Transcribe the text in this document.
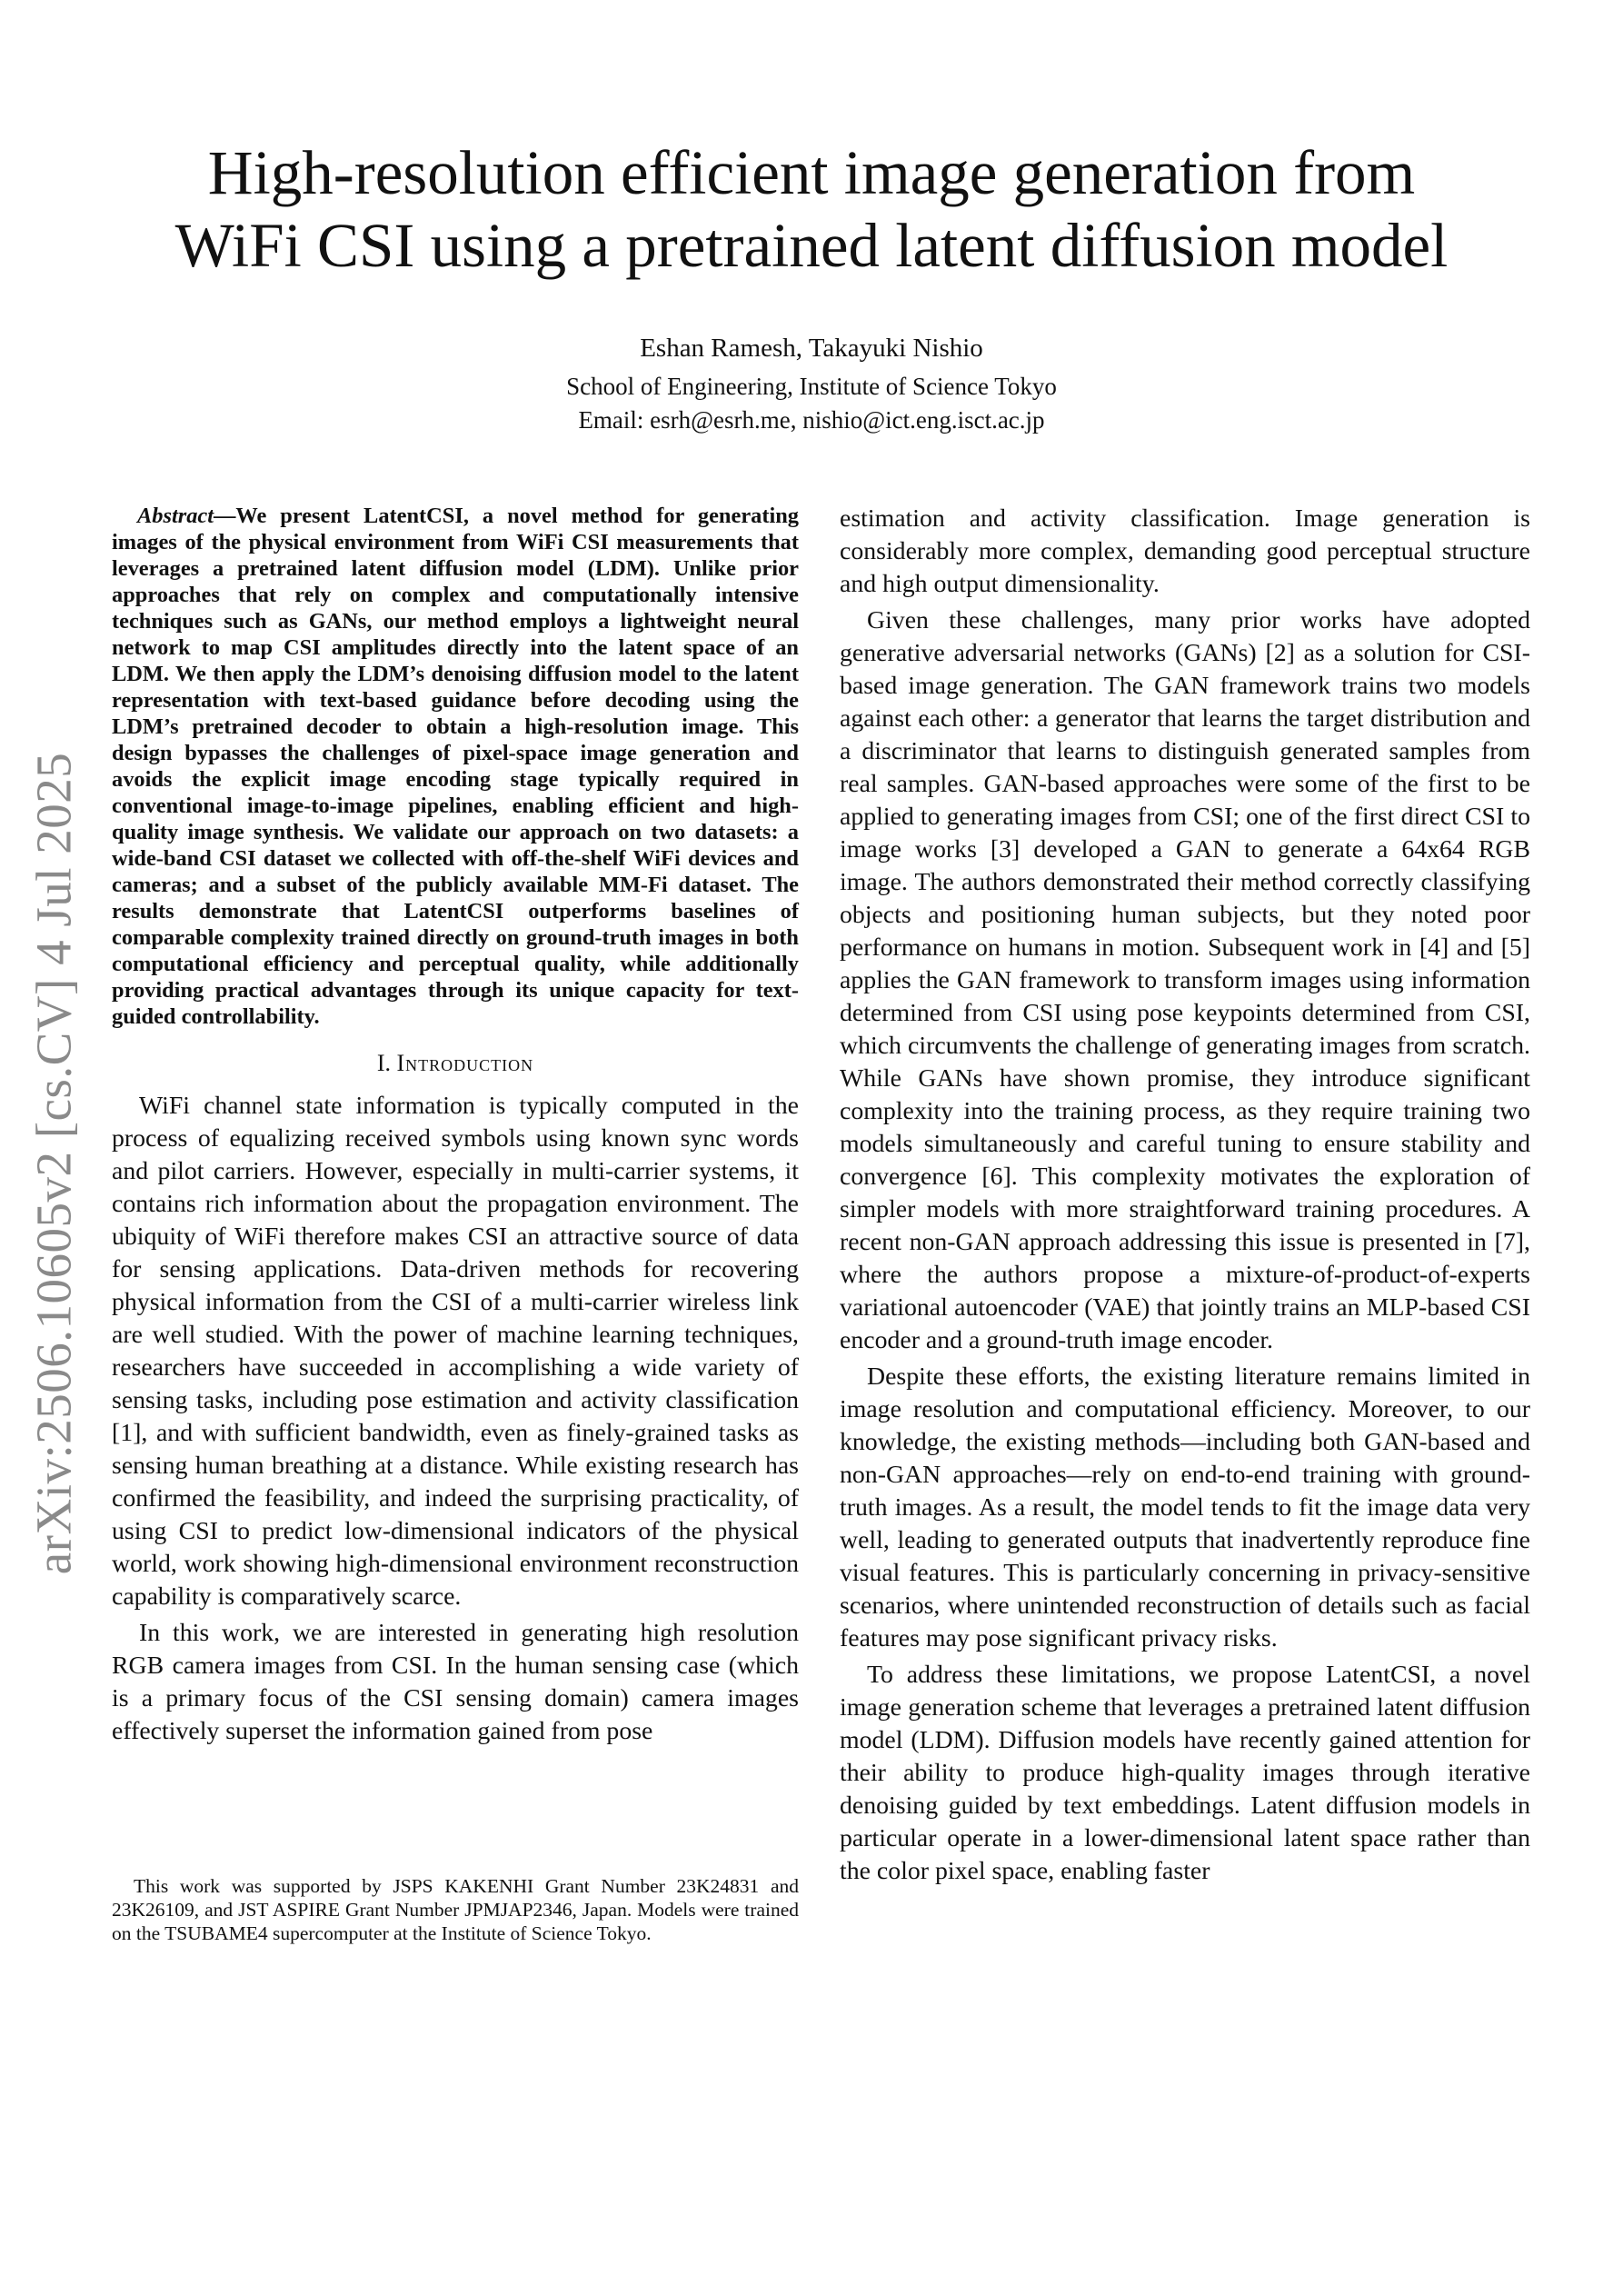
High-resolution efficient image generation from
WiFi CSI using a pretrained latent diffusion model
Eshan Ramesh, Takayuki Nishio
School of Engineering, Institute of Science Tokyo
Email: esrh@esrh.me, nishio@ict.eng.isct.ac.jp
arXiv:2506.10605v2 [cs.CV] 4 Jul 2025

Abstract—We present LatentCSI, a novel method for generating images of the physical environment from WiFi CSI measurements that leverages a pretrained latent diffusion model (LDM). Unlike prior approaches that rely on complex and computationally intensive techniques such as GANs, our method employs a lightweight neural network to map CSI amplitudes directly into the latent space of an LDM. We then apply the LDM’s denoising diffusion model to the latent representation with text-based guidance before decoding using the LDM’s pretrained decoder to obtain a high-resolution image. This design bypasses the challenges of pixel-space image generation and avoids the explicit image encoding stage typically required in conventional image-to-image pipelines, enabling efficient and high-quality image synthesis. We validate our approach on two datasets: a wide-band CSI dataset we collected with off-the-shelf WiFi devices and cameras; and a subset of the publicly available MM-Fi dataset. The results demonstrate that LatentCSI outperforms baselines of comparable complexity trained directly on ground-truth images in both computational efficiency and perceptual quality, while additionally providing practical advantages through its unique capacity for text-guided controllability.

I. Introduction

WiFi channel state information is typically computed in the process of equalizing received symbols using known sync words and pilot carriers. However, especially in multi-carrier systems, it contains rich information about the propagation environment. The ubiquity of WiFi therefore makes CSI an attractive source of data for sensing applications. Data-driven methods for recovering physical information from the CSI of a multi-carrier wireless link are well studied. With the power of machine learning techniques, researchers have succeeded in accomplishing a wide variety of sensing tasks, including pose estimation and activity classification [1], and with sufficient bandwidth, even as finely-grained tasks as sensing human breathing at a distance. While existing research has confirmed the feasibility, and indeed the surprising practicality, of using CSI to predict low-dimensional indicators of the physical world, work showing high-dimensional environment reconstruction capability is comparatively scarce.

In this work, we are interested in generating high resolution RGB camera images from CSI. In the human sensing case (which is a primary focus of the CSI sensing domain) camera images effectively superset the information gained from pose

This work was supported by JSPS KAKENHI Grant Number 23K24831 and 23K26109, and JST ASPIRE Grant Number JPMJAP2346, Japan. Models were trained on the TSUBAME4 supercomputer at the Institute of Science Tokyo.

estimation and activity classification. Image generation is considerably more complex, demanding good perceptual structure and high output dimensionality.

Given these challenges, many prior works have adopted generative adversarial networks (GANs) [2] as a solution for CSI-based image generation. The GAN framework trains two models against each other: a generator that learns the target distribution and a discriminator that learns to distinguish generated samples from real samples. GAN-based approaches were some of the first to be applied to generating images from CSI; one of the first direct CSI to image works [3] developed a GAN to generate a 64x64 RGB image. The authors demonstrated their method correctly classifying objects and positioning human subjects, but they noted poor performance on humans in motion. Subsequent work in [4] and [5] applies the GAN framework to transform images using information determined from CSI using pose keypoints determined from CSI, which circumvents the challenge of generating images from scratch. While GANs have shown promise, they introduce significant complexity into the training process, as they require training two models simultaneously and careful tuning to ensure stability and convergence [6]. This complexity motivates the exploration of simpler models with more straightforward training procedures. A recent non-GAN approach addressing this issue is presented in [7], where the authors propose a mixture-of-product-of-experts variational autoencoder (VAE) that jointly trains an MLP-based CSI encoder and a ground-truth image encoder.

Despite these efforts, the existing literature remains limited in image resolution and computational efficiency. Moreover, to our knowledge, the existing methods—including both GAN-based and non-GAN approaches—rely on end-to-end training with ground-truth images. As a result, the model tends to fit the image data very well, leading to generated outputs that inadvertently reproduce fine visual features. This is particularly concerning in privacy-sensitive scenarios, where unintended reconstruction of details such as facial features may pose significant privacy risks.

To address these limitations, we propose LatentCSI, a novel image generation scheme that leverages a pretrained latent diffusion model (LDM). Diffusion models have recently gained attention for their ability to produce high-quality images through iterative denoising guided by text embeddings. Latent diffusion models in particular operate in a lower-dimensional latent space rather than the color pixel space, enabling faster
